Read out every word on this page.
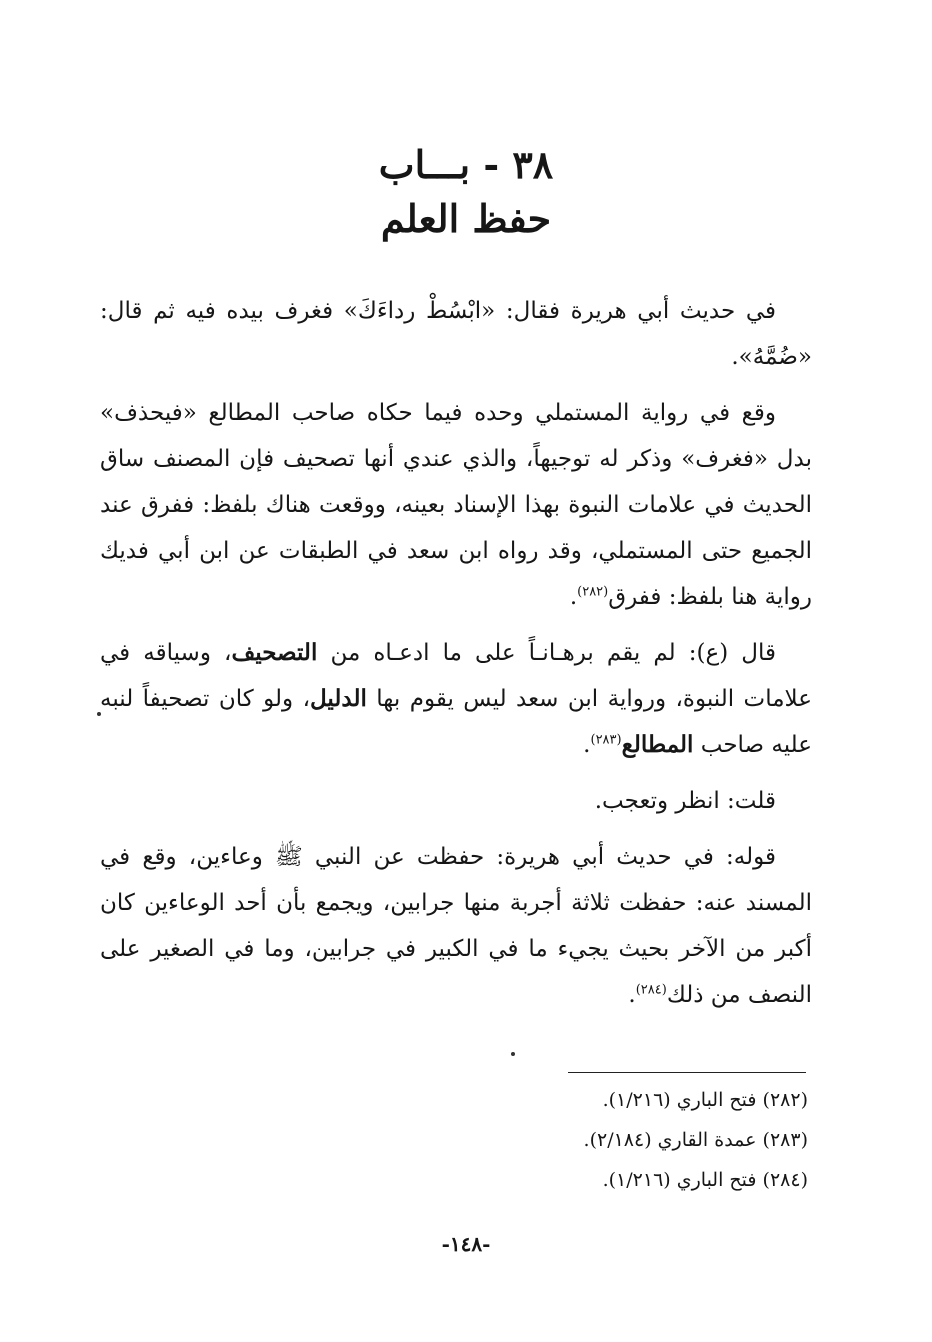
٣٨ - بـــاب
حفظ العلم

في حديث أبي هريرة فقال: «ابْسُطْ رداءَكَ» فغرف بيده فيه ثم قال: «ضُمَّهُ».

وقع في رواية المستملي وحده فيما حكاه صاحب المطالع «فيحذف» بدل «فغرف» وذكر له توجيهاً، والذي عندي أنها تصحيف فإن المصنف ساق الحديث في علامات النبوة بهذا الإسناد بعينه، ووقعت هناك بلفظ: ففرق عند الجميع حتى المستملي، وقد رواه ابن سعد في الطبقات عن ابن أبي فديك رواية هنا بلفظ: ففرق$^{(٢٨٢)}$.

قال (ع): لم يقم برهـانـاً على ما ادعـاه من التصحيف، وسياقه في علامات النبوة، ورواية ابن سعد ليس يقوم بها الدليل، ولو كان تصحيفاً لنبه عليه صاحب المطالع$^{(٢٨٣)}$.

قلت: انظر وتعجب.

قوله: في حديث أبي هريرة: حفظت عن النبي ﷺ وعاءين، وقع في المسند عنه: حفظت ثلاثة أجربة منها جرابين، ويجمع بأن أحد الوعاءين كان أكبر من الآخر بحيث يجيء ما في الكبير في جرابين، وما في الصغير على النصف من ذلك$^{(٢٨٤)}$.

(٢٨٢) فتح الباري (١/٢١٦).

(٢٨٣) عمدة القاري (٢/١٨٤).

(٢٨٤) فتح الباري (١/٢١٦).

-١٤٨-
